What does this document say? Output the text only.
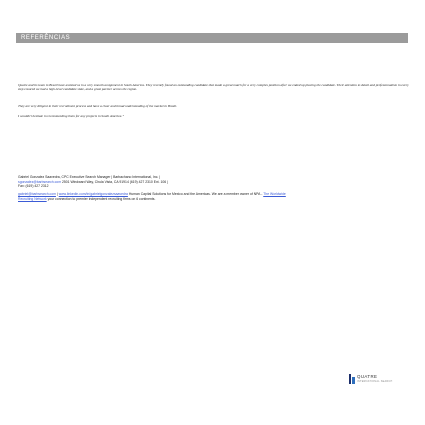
REFERÊNCIAS
Quatre and its team in Brazil have assisted us in a very smooth assignment in South America. They recently found an outstanding candidate that made a great match for a very complex position after we ended up placing the candidate. Their attention to detail and professionalism in every step ensured we had a high-level candidate slate, and a great partner across the region.
They are very diligent in their recruitment process and have a clear and broad understanding of the market in Brazil.
I wouldn’t hesitate in recommending them for any projects in South America.”
Gabriel Gonzalez Saavedra, CPC Executive Search Manager | Barbachano International, Inc. |
sgonzalez@barbsearch.com 2501 Windward Way, Chula Vista, CA 91914 (619) 427 2310 Ext. 106 |
Fax: (619) 427 2312
gabriel@barbsearch.com | www.linkedin.com/in/gabrielgonzalezsaavedra Human Capital Solutions for Mexico and the Americas. We are a member owner of NPA - The Worldwide
Recruiting Network your connection to premier independent recruiting firms on 6 continents.
QUATRE
INTERNATIONAL SEARCH
